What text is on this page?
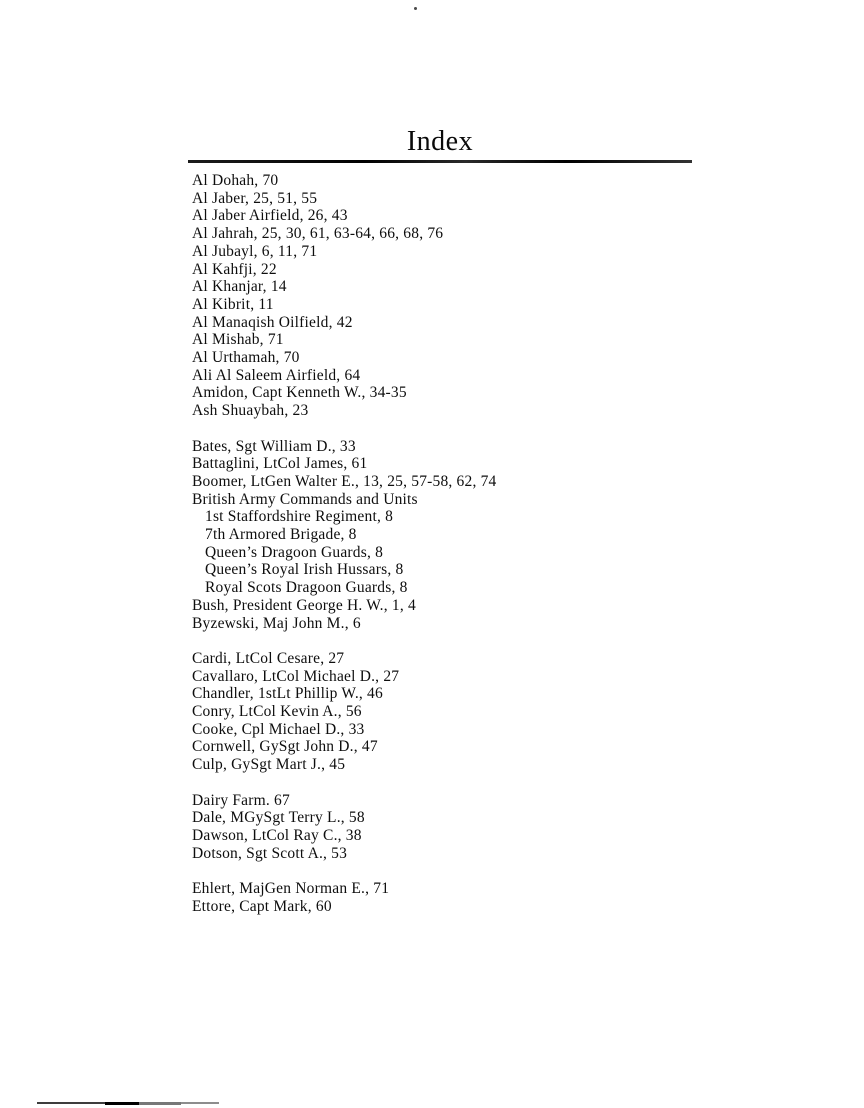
Index
Al Dohah, 70
Al Jaber, 25, 51, 55
Al Jaber Airfield, 26, 43
Al Jahrah, 25, 30, 61, 63-64, 66, 68, 76
Al Jubayl, 6, 11, 71
Al Kahfji, 22
Al Khanjar, 14
Al Kibrit, 11
Al Manaqish Oilfield, 42
Al Mishab, 71
Al Urthamah, 70
Ali Al Saleem Airfield, 64
Amidon, Capt Kenneth W., 34-35
Ash Shuaybah, 23
Bates, Sgt William D., 33
Battaglini, LtCol James, 61
Boomer, LtGen Walter E., 13, 25, 57-58, 62, 74
British Army Commands and Units
1st Staffordshire Regiment, 8
7th Armored Brigade, 8
Queen’s Dragoon Guards, 8
Queen’s Royal Irish Hussars, 8
Royal Scots Dragoon Guards, 8
Bush, President George H. W., 1, 4
Byzewski, Maj John M., 6
Cardi, LtCol Cesare, 27
Cavallaro, LtCol Michael D., 27
Chandler, 1stLt Phillip W., 46
Conry, LtCol Kevin A., 56
Cooke, Cpl Michael D., 33
Cornwell, GySgt John D., 47
Culp, GySgt Mart J., 45
Dairy Farm. 67
Dale, MGySgt Terry L., 58
Dawson, LtCol Ray C., 38
Dotson, Sgt Scott A., 53
Ehlert, MajGen Norman E., 71
Ettore, Capt Mark, 60
